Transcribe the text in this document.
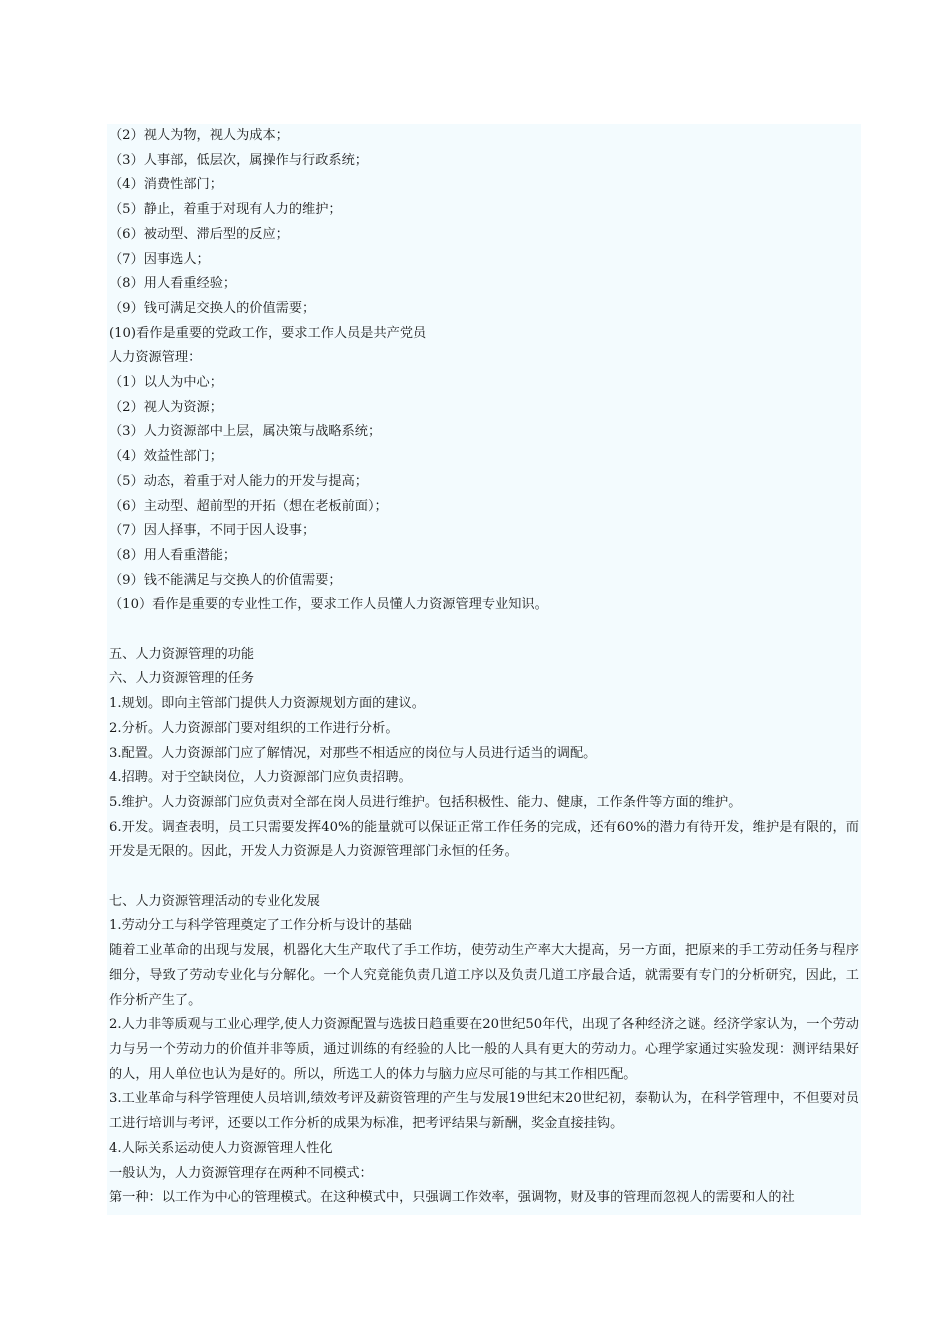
（2）视人为物，视人为成本；

（3）人事部，低层次，属操作与行政系统；

（4）消费性部门；

（5）静止，着重于对现有人力的维护；

（6）被动型、滞后型的反应；

（7）因事选人；

（8）用人看重经验；

（9）钱可满足交换人的价值需要；

(10)看作是重要的党政工作，要求工作人员是共产党员

人力资源管理：

（1）以人为中心；

（2）视人为资源；

（3）人力资源部中上层，属决策与战略系统；

（4）效益性部门；

（5）动态，着重于对人能力的开发与提高；

（6）主动型、超前型的开拓（想在老板前面）；

（7）因人择事，不同于因人设事；

（8）用人看重潜能；

（9）钱不能满足与交换人的价值需要；

（10）看作是重要的专业性工作，要求工作人员懂人力资源管理专业知识。

五、人力资源管理的功能

六、人力资源管理的任务

1.规划。即向主管部门提供人力资源规划方面的建议。

2.分析。人力资源部门要对组织的工作进行分析。

3.配置。人力资源部门应了解情况，对那些不相适应的岗位与人员进行适当的调配。

4.招聘。对于空缺岗位，人力资源部门应负责招聘。

5.维护。人力资源部门应负责对全部在岗人员进行维护。包括积极性、能力、健康，工作条件等方面的维护。

6.开发。调查表明，员工只需要发挥40%的能量就可以保证正常工作任务的完成，还有60%的潜力有待开发，维护是有限的，而开发是无限的。因此，开发人力资源是人力资源管理部门永恒的任务。

七、人力资源管理活动的专业化发展

1.劳动分工与科学管理奠定了工作分析与设计的基础

随着工业革命的出现与发展，机器化大生产取代了手工作坊，使劳动生产率大大提高，另一方面，把原来的手工劳动任务与程序细分，导致了劳动专业化与分解化。一个人究竟能负责几道工序以及负责几道工序最合适，就需要有专门的分析研究，因此，工作分析产生了。

2.人力非等质观与工业心理学,使人力资源配置与选拔日趋重要在20世纪50年代，出现了各种经济之谜。经济学家认为，一个劳动力与另一个劳动力的价值并非等质，通过训练的有经验的人比一般的人具有更大的劳动力。心理学家通过实验发现：测评结果好的人，用人单位也认为是好的。所以，所选工人的体力与脑力应尽可能的与其工作相匹配。

3.工业革命与科学管理使人员培训,绩效考评及薪资管理的产生与发展19世纪末20世纪初，泰勒认为，在科学管理中，不但要对员工进行培训与考评，还要以工作分析的成果为标准，把考评结果与新酬，奖金直接挂钩。

4.人际关系运动使人力资源管理人性化

一般认为，人力资源管理存在两种不同模式：

第一种：以工作为中心的管理模式。在这种模式中，只强调工作效率，强调物，财及事的管理而忽视人的需要和人的社
